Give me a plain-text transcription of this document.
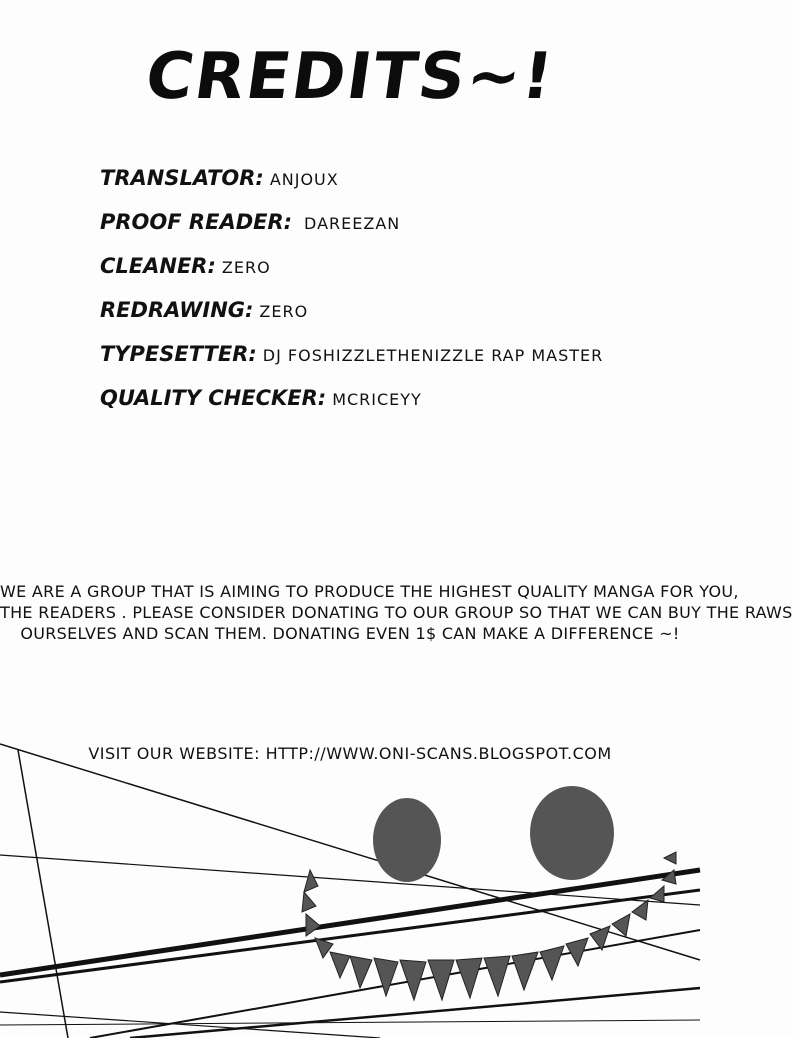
CREDITS~!
TRANSLATOR: ANJOUX
PROOF READER: DAREEZAN
CLEANER: ZERO
REDRAWING: ZERO
TYPESETTER: DJ FOSHIZZLETHENIZZLE RAP MASTER
QUALITY CHECKER: MCRICEYY
WE ARE A GROUP THAT IS AIMING TO PRODUCE THE HIGHEST QUALITY MANGA FOR YOU,
THE READERS . PLEASE CONSIDER DONATING TO OUR GROUP SO THAT WE CAN BUY THE RAWS
OURSELVES AND SCAN THEM. DONATING EVEN 1$ CAN MAKE A DIFFERENCE ~!
VISIT OUR WEBSITE: HTTP://WWW.ONI-SCANS.BLOGSPOT.COM
